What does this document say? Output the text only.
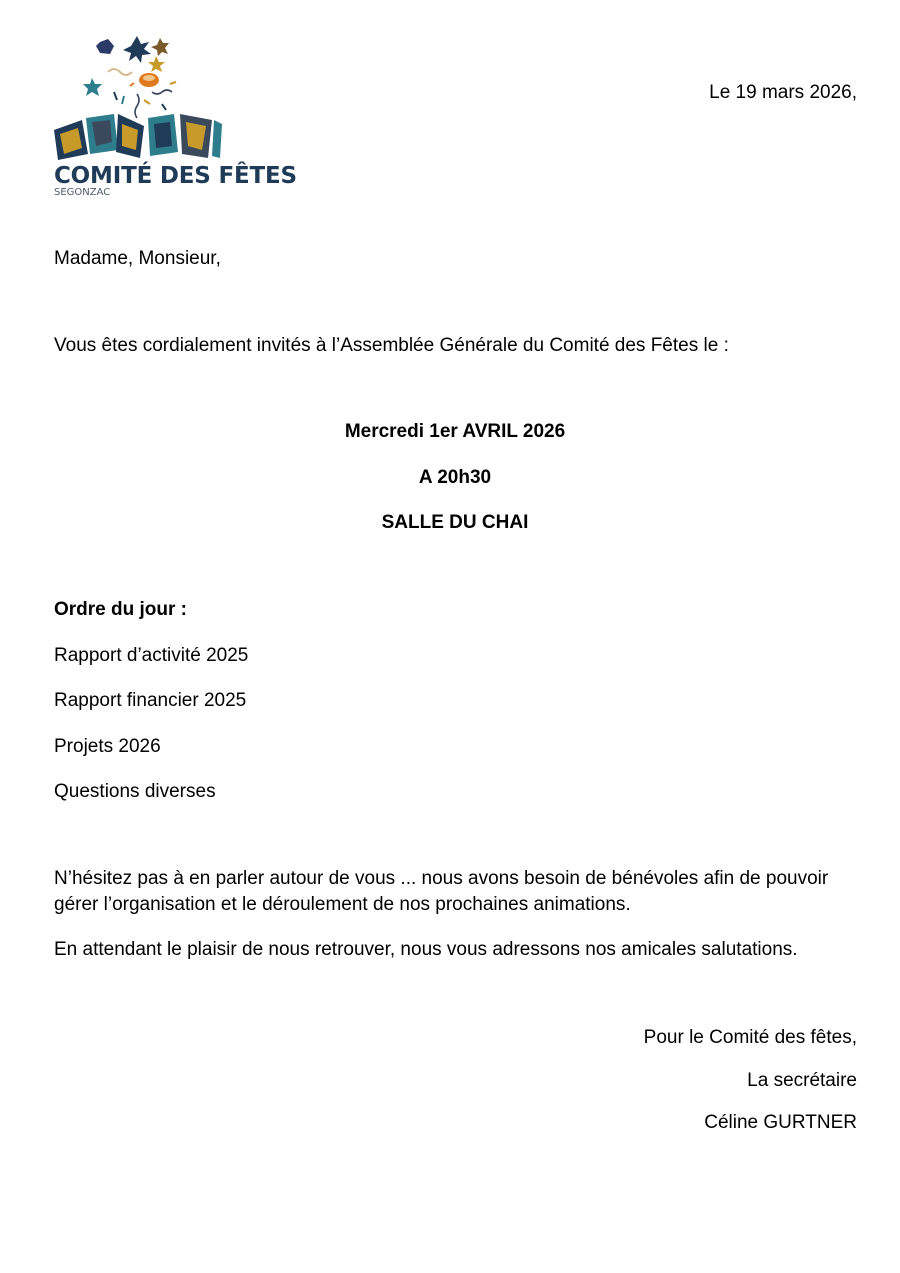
COMITÉ DES FÊTES
SEGONZAC
Le 19 mars 2026,
Madame, Monsieur,
Vous êtes cordialement invités à l’Assemblée Générale du Comité des Fêtes le :
Mercredi 1er AVRIL 2026
A 20h30
SALLE DU CHAI
Ordre du jour :
Rapport d’activité 2025
Rapport financier 2025
Projets 2026
Questions diverses
N’hésitez pas à en parler autour de vous ... nous avons besoin de bénévoles afin de pouvoir gérer l’organisation et le déroulement de nos prochaines animations.
En attendant le plaisir de nous retrouver, nous vous adressons nos amicales salutations.
Pour le Comité des fêtes,
La secrétaire
Céline GURTNER
